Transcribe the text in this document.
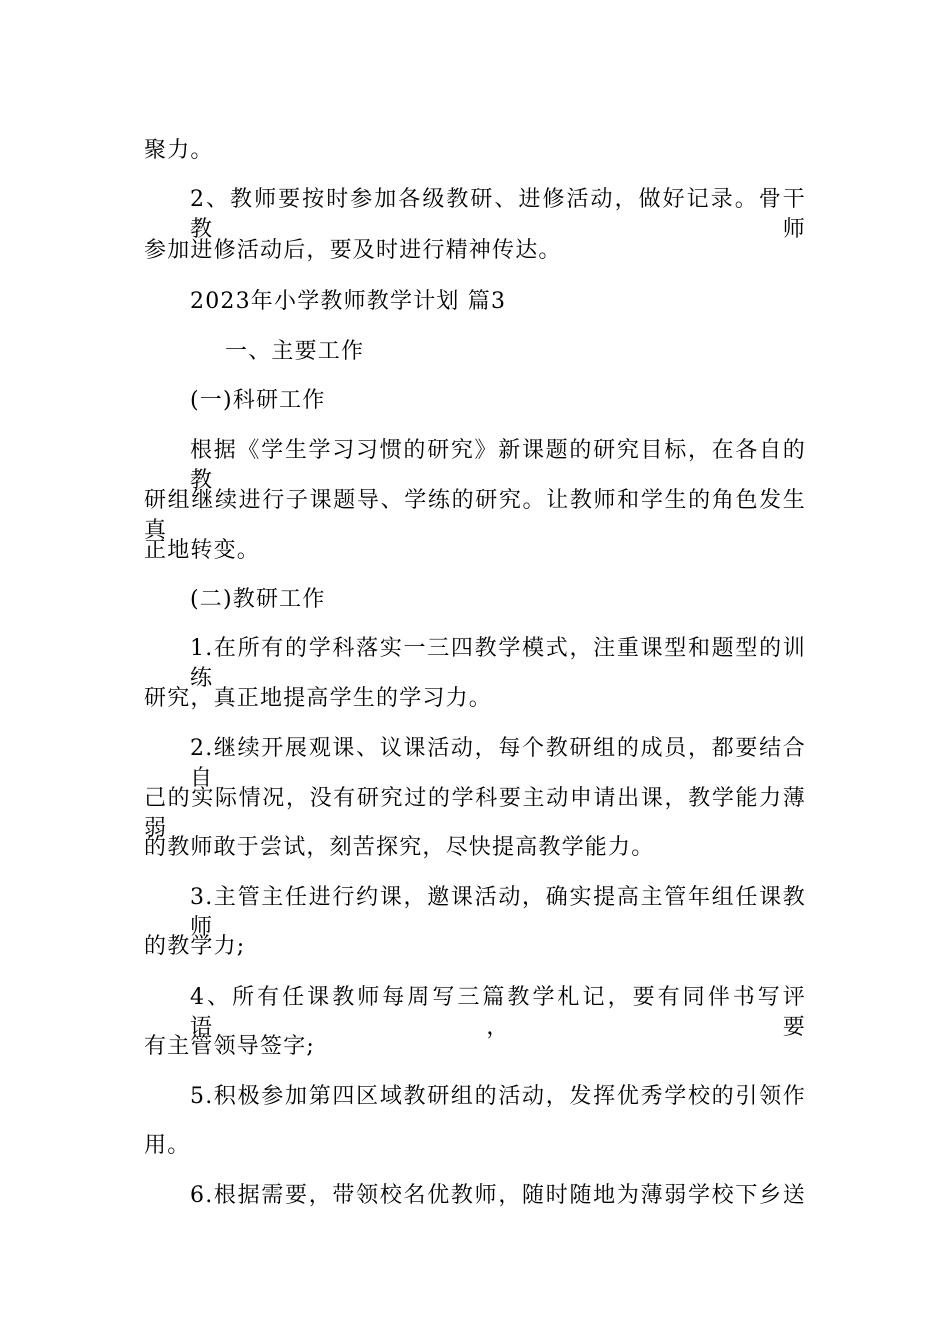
聚力。
2、教师要按时参加各级教研、进修活动，做好记录。骨干教师
参加进修活动后，要及时进行精神传达。
2023年小学教师教学计划 篇3
一、主要工作
(一)科研工作
根据《学生学习习惯的研究》新课题的研究目标，在各自的教
研组继续进行子课题导、学练的研究。让教师和学生的角色发生真
正地转变。
(二)教研工作
1.在所有的学科落实一三四教学模式，注重课型和题型的训练
研究，真正地提高学生的学习力。
2.继续开展观课、议课活动，每个教研组的成员，都要结合自
己的实际情况，没有研究过的学科要主动申请出课，教学能力薄弱
的教师敢于尝试，刻苦探究，尽快提高教学能力。
3.主管主任进行约课，邀课活动，确实提高主管年组任课教师
的教学力;
4、所有任课教师每周写三篇教学札记，要有同伴书写评语，要
有主管领导签字;
5.积极参加第四区域教研组的活动，发挥优秀学校的引领作
用。
6.根据需要，带领校名优教师，随时随地为薄弱学校下乡送
